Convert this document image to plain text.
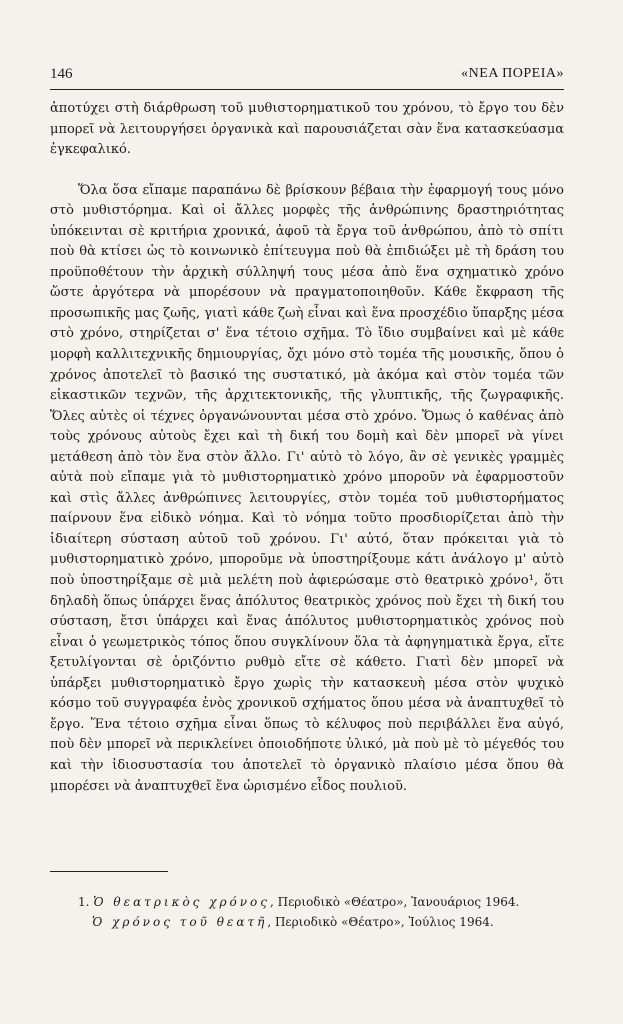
146	«ΝΕΑ ΠΟΡΕΙΑ»

ἀποτύχει στὴ διάρθρωση τοῦ μυθιστορηματικοῦ του χρόνου, τὸ ἔργο του δὲν μπορεῖ νὰ λειτουργήσει ὀργανικὰ καὶ παρουσιάζεται σὰν ἕνα κατασκεύασμα ἐγκεφαλικό.

Ὅλα ὅσα εἴπαμε παραπάνω δὲ βρίσκουν βέβαια τὴν ἐφαρμογή τους μόνο στὸ μυθιστόρημα. Καὶ οἱ ἄλλες μορφὲς τῆς ἀνθρώπινης δραστηριότητας ὑπόκεινται σὲ κριτήρια χρονικά, ἀφοῦ τὰ ἔργα τοῦ ἀνθρώπου, ἀπὸ τὸ σπίτι ποὺ θὰ κτίσει ὡς τὸ κοινωνικὸ ἐπίτευγμα ποὺ θὰ ἐπιδιώξει μὲ τὴ δράση του προϋποθέτουν τὴν ἀρχικὴ σύλληψή τους μέσα ἀπὸ ἕνα σχηματικὸ χρόνο ὥστε ἀργότερα νὰ μπορέσουν νὰ πραγματοποιηθοῦν. Κάθε ἔκφραση τῆς προσωπικῆς μας ζωῆς, γιατὶ κάθε ζωὴ εἶναι καὶ ἕνα προσχέδιο ὕπαρξης μέσα στὸ χρόνο, στηρίζεται σ' ἕνα τέτοιο σχῆμα. Τὸ ἴδιο συμβαίνει καὶ μὲ κάθε μορφὴ καλλιτεχνικῆς δημιουργίας, ὄχι μόνο στὸ τομέα τῆς μουσικῆς, ὅπου ὁ χρόνος ἀποτελεῖ τὸ βασικό της συστατικό, μὰ ἀκόμα καὶ στὸν τομέα τῶν εἰκαστικῶν τεχνῶν, τῆς ἀρχιτεκτονικῆς, τῆς γλυπτικῆς, τῆς ζωγραφικῆς. Ὅλες αὐτὲς οἱ τέχνες ὀργανώνουνται μέσα στὸ χρόνο. Ὅμως ὁ καθένας ἀπὸ τοὺς χρόνους αὐτοὺς ἔχει καὶ τὴ δική του δομὴ καὶ δὲν μπορεῖ νὰ γίνει μετάθεση ἀπὸ τὸν ἕνα στὸν ἄλλο. Γι' αὐτὸ τὸ λόγο, ἂν σὲ γενικὲς γραμμὲς αὐτὰ ποὺ εἴπαμε γιὰ τὸ μυθιστορηματικὸ χρόνο μποροῦν νὰ ἐφαρμοστοῦν καὶ στὶς ἄλλες ἀνθρώπινες λειτουργίες, στὸν τομέα τοῦ μυθιστορήματος παίρνουν ἕνα εἰδικὸ νόημα. Καὶ τὸ νόημα τοῦτο προσδιορίζεται ἀπὸ τὴν ἰδιαίτερη σύσταση αὐτοῦ τοῦ χρόνου. Γι' αὐτό, ὅταν πρόκειται γιὰ τὸ μυθιστορηματικὸ χρόνο, μποροῦμε νὰ ὑποστηρίξουμε κάτι ἀνάλογο μ' αὐτὸ ποὺ ὑποστηρίξαμε σὲ μιὰ μελέτη ποὺ ἀφιερώσαμε στὸ θεατρικὸ χρόνο¹, ὅτι δηλαδὴ ὅπως ὑπάρχει ἕνας ἀπόλυτος θεατρικὸς χρόνος ποὺ ἔχει τὴ δική του σύσταση, ἔτσι ὑπάρχει καὶ ἕνας ἀπόλυτος μυθιστορηματικὸς χρόνος ποὺ εἶναι ὁ γεωμετρικὸς τόπος ὅπου συγκλίνουν ὅλα τὰ ἀφηγηματικὰ ἔργα, εἴτε ξετυλίγονται σὲ ὁριζόντιο ρυθμὸ εἴτε σὲ κάθετο. Γιατὶ δὲν μπορεῖ νὰ ὑπάρξει μυθιστορηματικὸ ἔργο χωρὶς τὴν κατασκευὴ μέσα στὸν ψυχικὸ κόσμο τοῦ συγγραφέα ἑνὸς χρονικοῦ σχήματος ὅπου μέσα νὰ ἀναπτυχθεῖ τὸ ἔργο. Ἕνα τέτοιο σχῆμα εἶναι ὅπως τὸ κέλυφος ποὺ περιβάλλει ἕνα αὐγό, ποὺ δὲν μπορεῖ νὰ περικλείνει ὁποιοδήποτε ὑλικό, μὰ ποὺ μὲ τὸ μέγεθός του καὶ τὴν ἰδιοσυστασία του ἀποτελεῖ τὸ ὀργανικὸ πλαίσιο μέσα ὅπου θὰ μπορέσει νὰ ἀναπτυχθεῖ ἕνα ὡρισμένο εἶδος πουλιοῦ.

1. Ὁ θεατρικὸς χρόνος, Περιοδικὸ «Θέατρο», Ἰανουάριος 1964.
Ὁ χρόνος τοῦ θεατῆ, Περιοδικὸ «Θέατρο», Ἰούλιος 1964.
